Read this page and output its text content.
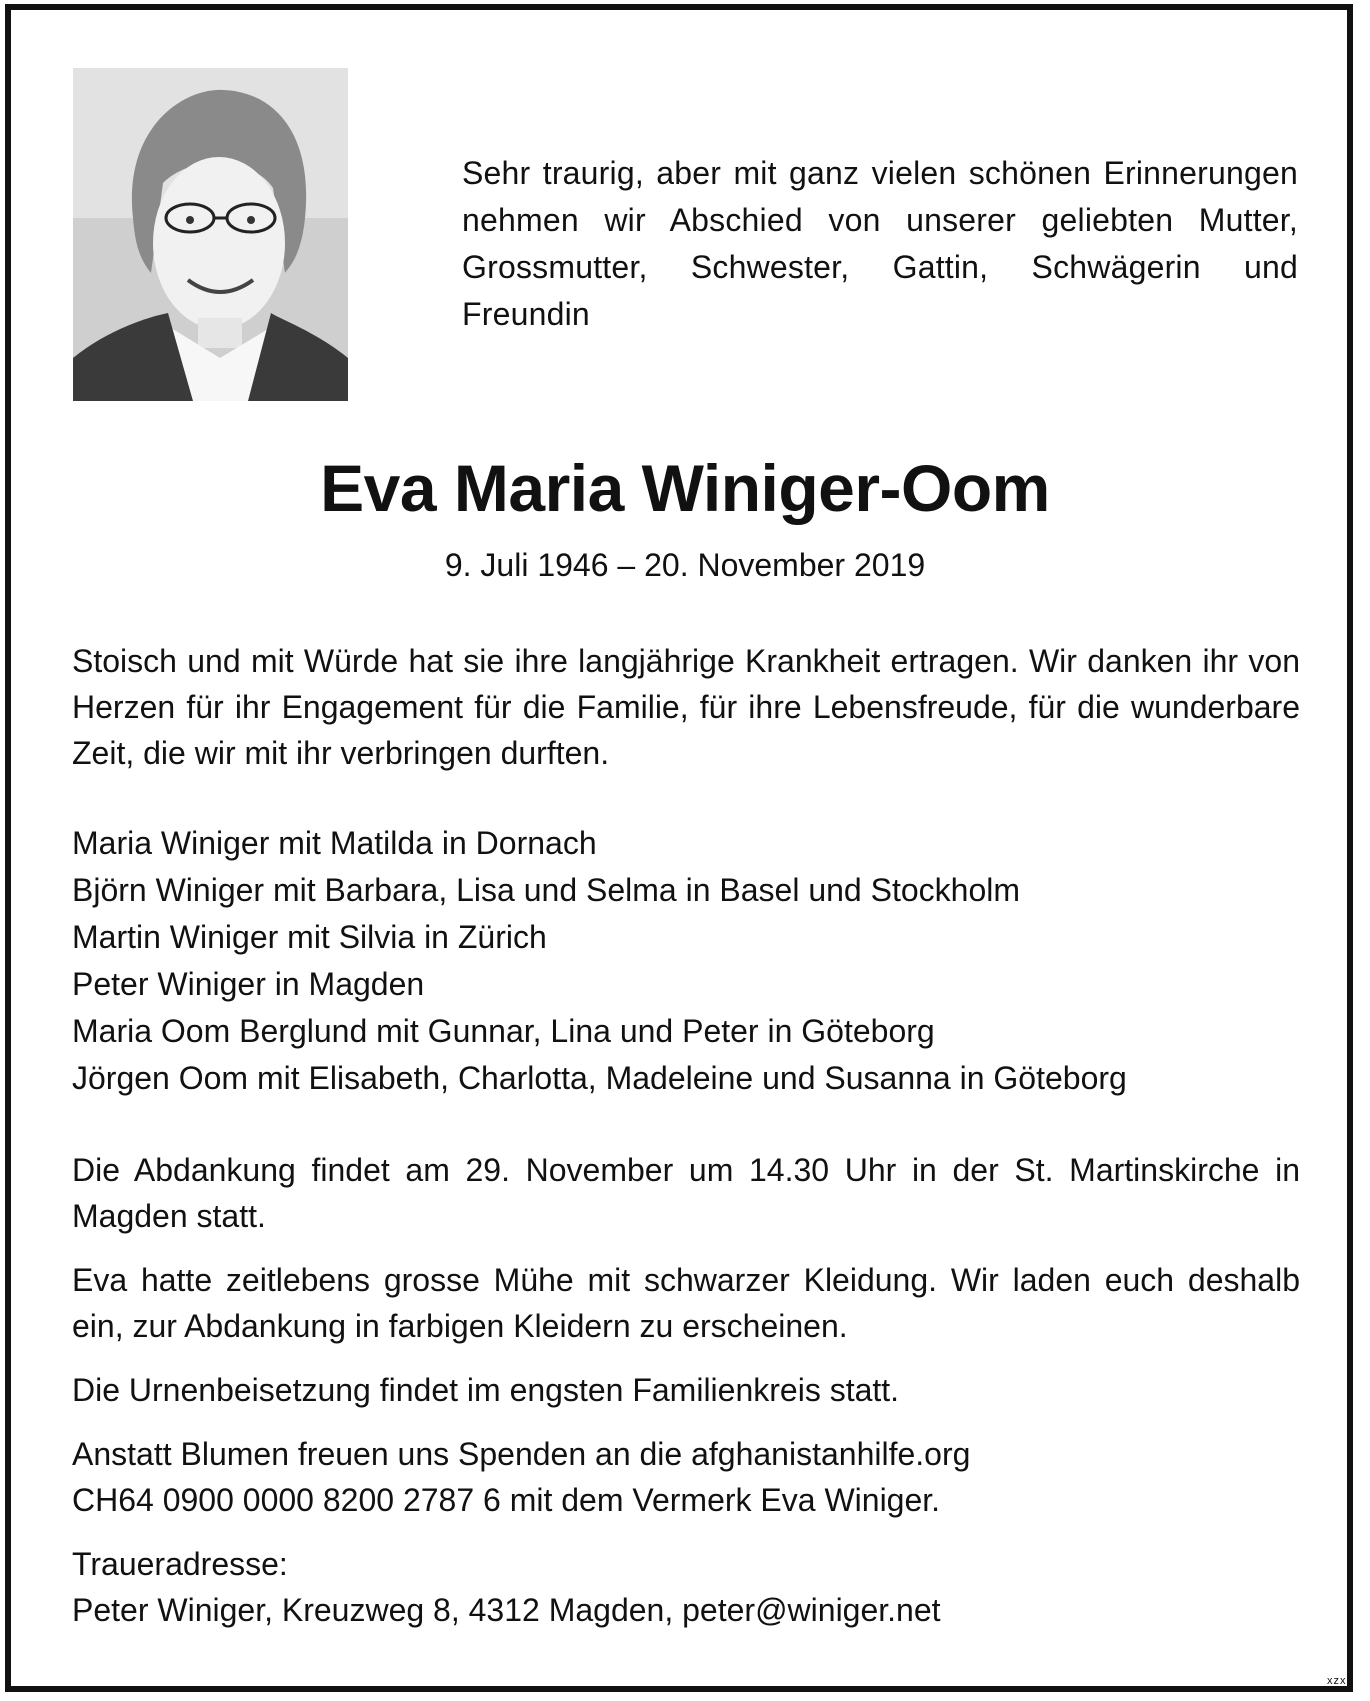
Sehr traurig, aber mit ganz vielen schönen Erinnerungen nehmen wir Abschied von unserer geliebten Mutter, Grossmutter, Schwester, Gattin, Schwägerin und Freundin

Eva Maria Winiger-Oom
9. Juli 1946 – 20. November 2019
Stoisch und mit Würde hat sie ihre langjährige Krankheit ertragen. Wir danken ihr von Herzen für ihr Engagement für die Familie, für ihre Lebensfreude, für die wunderbare Zeit, die wir mit ihr verbringen durften.
Maria Winiger mit Matilda in Dornach
Björn Winiger mit Barbara, Lisa und Selma in Basel und Stockholm
Martin Winiger mit Silvia in Zürich
Peter Winiger in Magden
Maria Oom Berglund mit Gunnar, Lina und Peter in Göteborg
Jörgen Oom mit Elisabeth, Charlotta, Madeleine und Susanna in Göteborg

Die Abdankung findet am 29. November um 14.30 Uhr in der St. Martinskirche in Magden statt.

Eva hatte zeitlebens grosse Mühe mit schwarzer Kleidung. Wir laden euch deshalb ein, zur Abdankung in farbigen Kleidern zu erscheinen.

Die Urnenbeisetzung findet im engsten Familienkreis statt.

Anstatt Blumen freuen uns Spenden an die afghanistanhilfe.org
CH64 0900 0000 8200 2787 6 mit dem Vermerk Eva Winiger.

Traueradresse:
Peter Winiger, Kreuzweg 8, 4312 Magden, peter@winiger.net

xzx
